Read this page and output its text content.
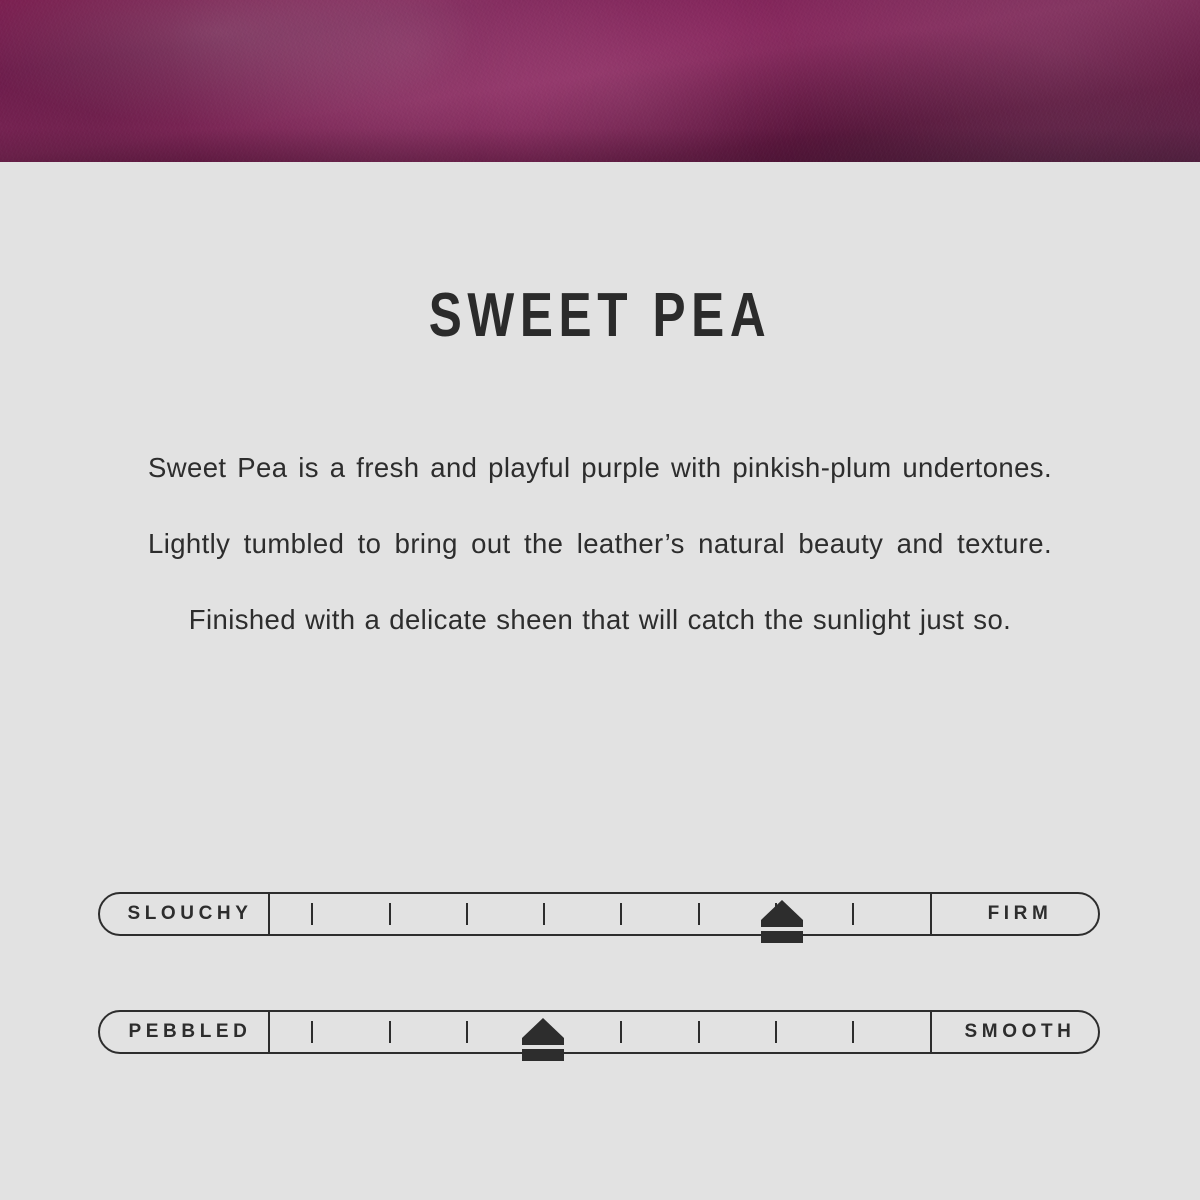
SWEET PEA
Sweet Pea is a fresh and playful purple with pinkish-plum undertones. Lightly tumbled to bring out the leather’s natural beauty and texture. Finished with a delicate sheen that will catch the sunlight just so.
SLOUCHY	FIRM
PEBBLED	SMOOTH
